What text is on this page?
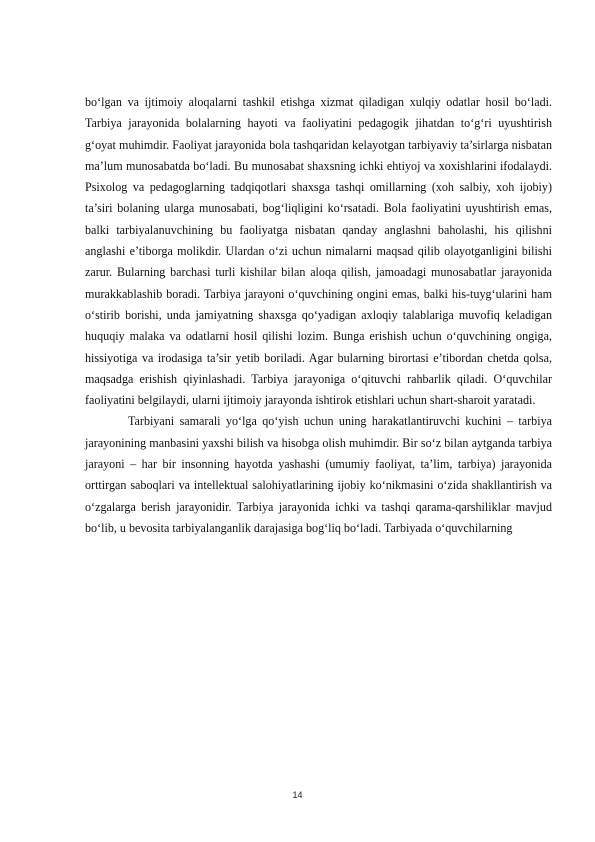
bo‘lgan va ijtimoiy aloqalarni tashkil etishga xizmat qiladigan xulqiy odatlar hosil bo‘ladi. Tarbiya jarayonida bolalarning hayoti va faoliyatini pedagogik jihatdan to‘g‘ri uyushtirish g‘oyat muhimdir. Faoliyat jarayonida bola tashqaridan kelayotgan tarbiyaviy ta’sirlarga nisbatan ma’lum munosabatda bo‘ladi. Bu munosabat shaxsning ichki ehtiyoj va xoxishlarini ifodalaydi. Psixolog va pedagoglarning tadqiqotlari shaxsga tashqi omillarning (xoh salbiy, xoh ijobiy) ta’siri bolaning ularga munosabati, bog‘liqligini ko‘rsatadi. Bola faoliyatini uyushtirish emas, balki tarbiyalanuvchining bu faoliyatga nisbatan qanday anglashni baholashi, his qilishni anglashi e’tiborga molikdir. Ulardan o‘zi uchun nimalarni maqsad qilib olayotganligini bilishi zarur. Bularning barchasi turli kishilar bilan aloqa qilish, jamoadagi munosabatlar jarayonida murakkablashib boradi. Tarbiya jarayoni o‘quvchining ongini emas, balki his-tuyg‘ularini ham o‘stirib borishi, unda jamiyatning shaxsga qo‘yadigan axloqiy talablariga muvofiq keladigan huquqiy malaka va odatlarni hosil qilishi lozim. Bunga erishish uchun o‘quvchining ongiga, hissiyotiga va irodasiga ta’sir yetib boriladi. Agar bularning birortasi e’tibordan chetda qolsa, maqsadga erishish qiyinlashadi. Tarbiya jarayoniga o‘qituvchi rahbarlik qiladi. O‘quvchilar faoliyatini belgilaydi, ularni ijtimoiy jarayonda ishtirok etishlari uchun shart-sharoit yaratadi.

Tarbiyani samarali yo‘lga qo‘yish uchun uning harakatlantiruvchi kuchini – tarbiya jarayonining manbasini yaxshi bilish va hisobga olish muhimdir. Bir so‘z bilan aytganda tarbiya jarayoni – har bir insonning hayotda yashashi (umumiy faoliyat, ta’lim, tarbiya) jarayonida orttirgan saboqlari va intellektual salohiyatlarining ijobiy ko‘nikmasini o‘zida shakllantirish va o‘zgalarga berish jarayonidir. Tarbiya jarayonida ichki va tashqi qarama-qarshiliklar mavjud bo‘lib, u bevosita tarbiyalanganlik darajasiga bog‘liq bo‘ladi. Tarbiyada o‘quvchilarning

14
